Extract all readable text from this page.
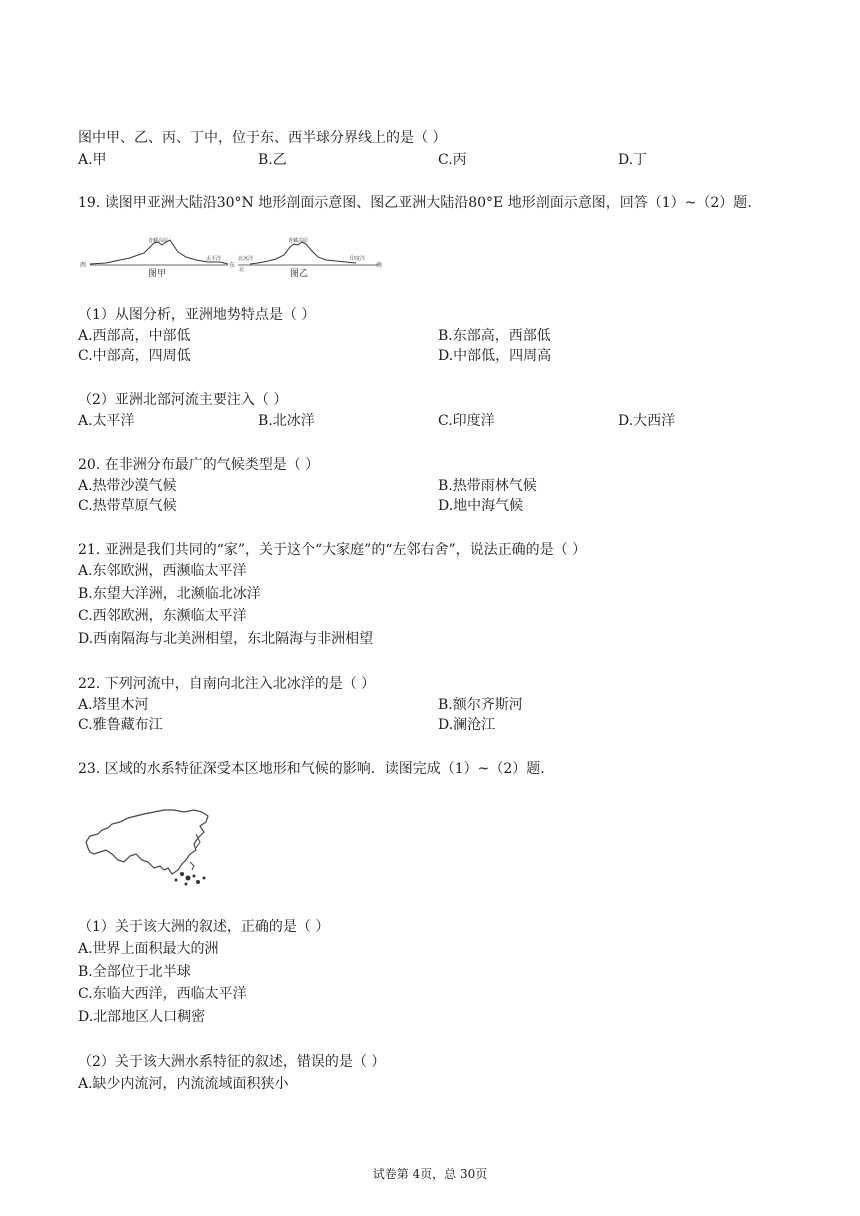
图中甲、乙、丙、丁中，位于东、西半球分界线上的是（ ）
A.甲	B.乙	C.丙	D.丁
19. 读图甲亚洲大陆沿30°N 地形剖面示意图、图乙亚洲大陆沿80°E 地形剖面示意图，回答（1）~（2）题.
西
青藏高原
太平洋
东
图甲
北冰洋
北
青藏高原
图乙
印度洋
南
（1）从图分析，亚洲地势特点是（ ）
A.西部高，中部低	B.东部高，西部低
C.中部高，四周低	D.中部低，四周高
（2）亚洲北部河流主要注入（ ）
A.太平洋	B.北冰洋	C.印度洋	D.大西洋
20. 在非洲分布最广的气候类型是（ ）
A.热带沙漠气候	B.热带雨林气候
C.热带草原气候	D.地中海气候
21. 亚洲是我们共同的“家”，关于这个“大家庭”的“左邻右舍”，说法正确的是（ ）
A.东邻欧洲，西濒临太平洋
B.东望大洋洲，北濒临北冰洋
C.西邻欧洲，东濒临太平洋
D.西南隔海与北美洲相望，东北隔海与非洲相望
22. 下列河流中，自南向北注入北冰洋的是（ ）
A.塔里木河	B.额尔齐斯河
C.雅鲁藏布江	D.澜沧江
23. 区域的水系特征深受本区地形和气候的影响．读图完成（1）~（2）题.
（1）关于该大洲的叙述，正确的是（ ）
A.世界上面积最大的洲
B.全部位于北半球
C.东临大西洋，西临太平洋
D.北部地区人口稠密
（2）关于该大洲水系特征的叙述，错误的是（ ）
A.缺少内流河，内流流域面积狭小
试卷第 4页，总 30页
